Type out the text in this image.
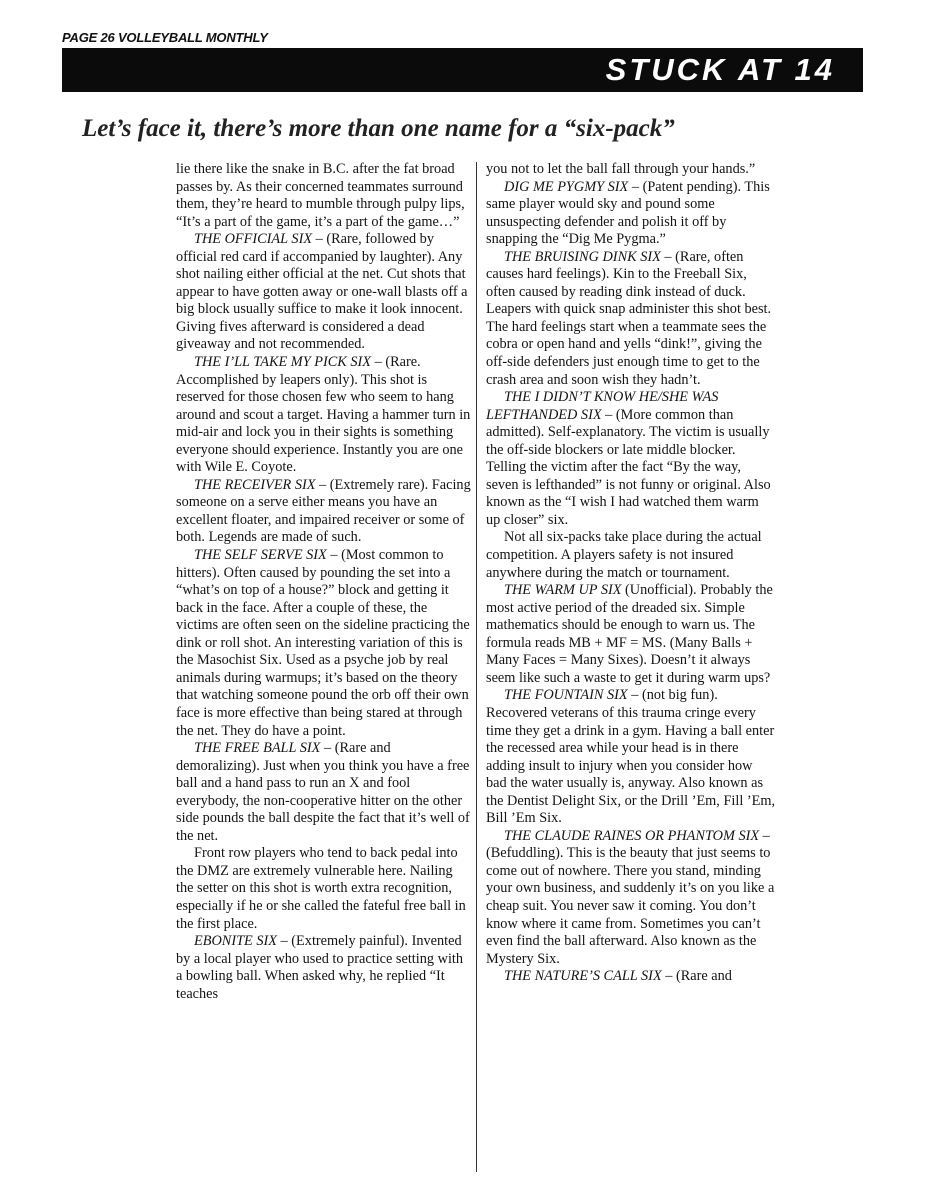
PAGE 26 VOLLEYBALL MONTHLY
STUCK AT 14
Let’s face it, there’s more than one name for a “six-pack”

lie there like the snake in B.C. after the fat broad passes by. As their concerned teammates surround them, they’re heard to mumble through pulpy lips, “It’s a part of the game, it’s a part of the game…”

THE OFFICIAL SIX – (Rare, followed by official red card if accompanied by laughter). Any shot nailing either official at the net. Cut shots that appear to have gotten away or one-wall blasts off a big block usually suffice to make it look innocent. Giving fives afterward is considered a dead giveaway and not recommended.

THE I’LL TAKE MY PICK SIX – (Rare. Accomplished by leapers only). This shot is reserved for those chosen few who seem to hang around and scout a target. Having a hammer turn in mid-air and lock you in their sights is something everyone should experience. Instantly you are one with Wile E. Coyote.

THE RECEIVER SIX – (Extremely rare). Facing someone on a serve either means you have an excellent floater, and impaired receiver or some of both. Legends are made of such.

THE SELF SERVE SIX – (Most common to hitters). Often caused by pounding the set into a “what’s on top of a house?” block and getting it back in the face. After a couple of these, the victims are often seen on the sideline practicing the dink or roll shot. An interesting variation of this is the Masochist Six. Used as a psyche job by real animals during warmups; it’s based on the theory that watching someone pound the orb off their own face is more effective than being stared at through the net. They do have a point.

THE FREE BALL SIX – (Rare and demoralizing). Just when you think you have a free ball and a hand pass to run an X and fool everybody, the non-cooperative hitter on the other side pounds the ball despite the fact that it’s well of the net.

Front row players who tend to back pedal into the DMZ are extremely vulnerable here. Nailing the setter on this shot is worth extra recognition, especially if he or she called the fateful free ball in the first place.

EBONITE SIX – (Extremely painful). Invented by a local player who used to practice setting with a bowling ball. When asked why, he replied “It teaches

you not to let the ball fall through your hands.”

DIG ME PYGMY SIX – (Patent pending). This same player would sky and pound some unsuspecting defender and polish it off by snapping the “Dig Me Pygma.”

THE BRUISING DINK SIX – (Rare, often causes hard feelings). Kin to the Freeball Six, often caused by reading dink instead of duck. Leapers with quick snap administer this shot best. The hard feelings start when a teammate sees the cobra or open hand and yells “dink!”, giving the off-side defenders just enough time to get to the crash area and soon wish they hadn’t.

THE I DIDN’T KNOW HE/SHE WAS LEFTHANDED SIX – (More common than admitted). Self-explanatory. The victim is usually the off-side blockers or late middle blocker. Telling the victim after the fact “By the way, seven is lefthanded” is not funny or original. Also known as the “I wish I had watched them warm up closer” six.

Not all six-packs take place during the actual competition. A players safety is not insured anywhere during the match or tournament.

THE WARM UP SIX (Unofficial). Probably the most active period of the dreaded six. Simple mathematics should be enough to warn us. The formula reads MB + MF = MS. (Many Balls + Many Faces = Many Sixes). Doesn’t it always seem like such a waste to get it during warm ups?

THE FOUNTAIN SIX – (not big fun). Recovered veterans of this trauma cringe every time they get a drink in a gym. Having a ball enter the recessed area while your head is in there adding insult to injury when you consider how bad the water usually is, anyway. Also known as the Dentist Delight Six, or the Drill ’Em, Fill ’Em, Bill ’Em Six.

THE CLAUDE RAINES OR PHANTOM SIX – (Befuddling). This is the beauty that just seems to come out of nowhere. There you stand, minding your own business, and suddenly it’s on you like a cheap suit. You never saw it coming. You don’t know where it came from. Sometimes you can’t even find the ball afterward. Also known as the Mystery Six.

THE NATURE’S CALL SIX – (Rare and
